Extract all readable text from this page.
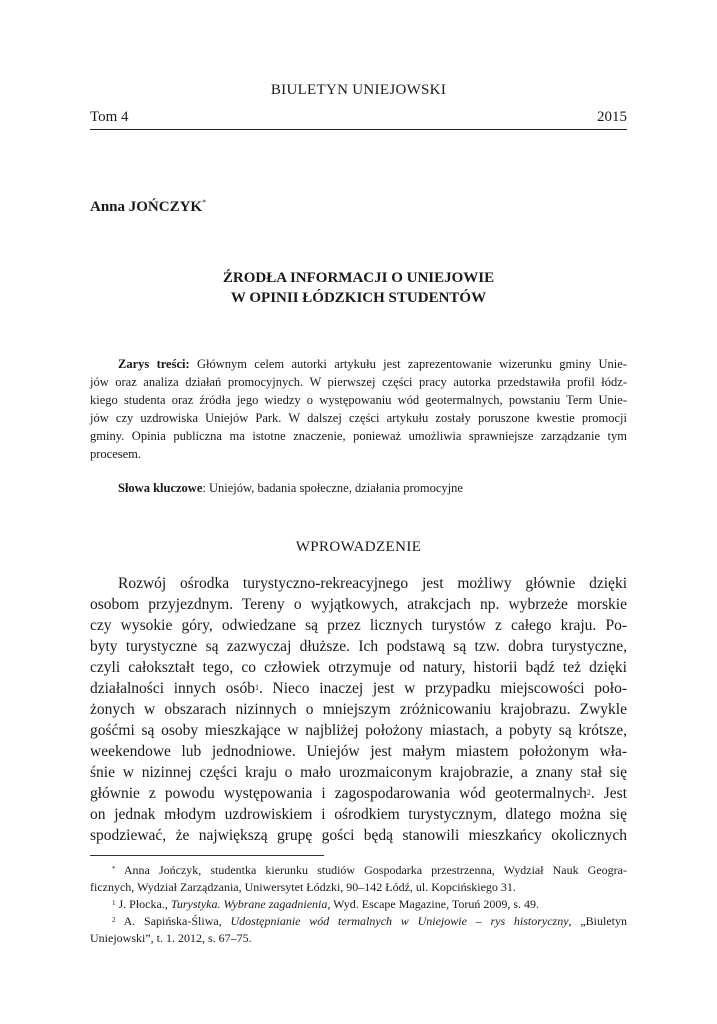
BIULETYN UNIEJOWSKI
Tom 4	2015
Anna JOŃCZYK*
ŹRODŁA INFORMACJI O UNIEJOWIE
W OPINII ŁÓDZKICH STUDENTÓW
Zarys treści: Głównym celem autorki artykułu jest zaprezentowanie wizerunku gminy Unie-
jów oraz analiza działań promocyjnych. W pierwszej części pracy autorka przedstawiła profil łódz-
kiego studenta oraz źródła jego wiedzy o występowaniu wód geotermalnych, powstaniu Term Unie-
jów czy uzdrowiska Uniejów Park. W dalszej części artykułu zostały poruszone kwestie promocji
gminy. Opinia publiczna ma istotne znaczenie, ponieważ umożliwia sprawniejsze zarządzanie tym
procesem.
Słowa kluczowe: Uniejów, badania społeczne, działania promocyjne
WPROWADZENIE
Rozwój ośrodka turystyczno-rekreacyjnego jest możliwy głównie dzięki
osobom przyjezdnym. Tereny o wyjątkowych, atrakcjach np. wybrzeże morskie
czy wysokie góry, odwiedzane są przez licznych turystów z całego kraju. Po-
byty turystyczne są zazwyczaj dłuższe. Ich podstawą są tzw. dobra turystyczne,
czyli całokształt tego, co człowiek otrzymuje od natury, historii bądź też dzięki
działalności innych osób$^1$. Nieco inaczej jest w przypadku miejscowości poło-
żonych w obszarach nizinnych o mniejszym zróżnicowaniu krajobrazu. Zwykle
gośćmi są osoby mieszkające w najbliżej położony miastach, a pobyty są krótsze,
weekendowe lub jednodniowe. Uniejów jest małym miastem położonym wła-
śnie w nizinnej części kraju o mało urozmaiconym krajobrazie, a znany stał się
głównie z powodu występowania i zagospodarowania wód geotermalnych$^2$. Jest
on jednak młodym uzdrowiskiem i ośrodkiem turystycznym, dlatego można się
spodziewać, że największą grupę gości będą stanowili mieszkańcy okolicznych
* Anna Jończyk, studentka kierunku studiów Gospodarka przestrzenna, Wydział Nauk Geogra-
ficznych, Wydział Zarządzania, Uniwersytet Łódzki, 90–142 Łódź, ul. Kopcińskiego 31.
$^1$ J. Płocka., Turystyka. Wybrane zagadnienia, Wyd. Escape Magazine, Toruń 2009, s. 49.
$^2$ A. Sapińska-Śliwa, Udostępnianie wód termalnych w Uniejowie – rys historyczny, „Biuletyn
Uniejowski”, t. 1. 2012, s. 67–75.
